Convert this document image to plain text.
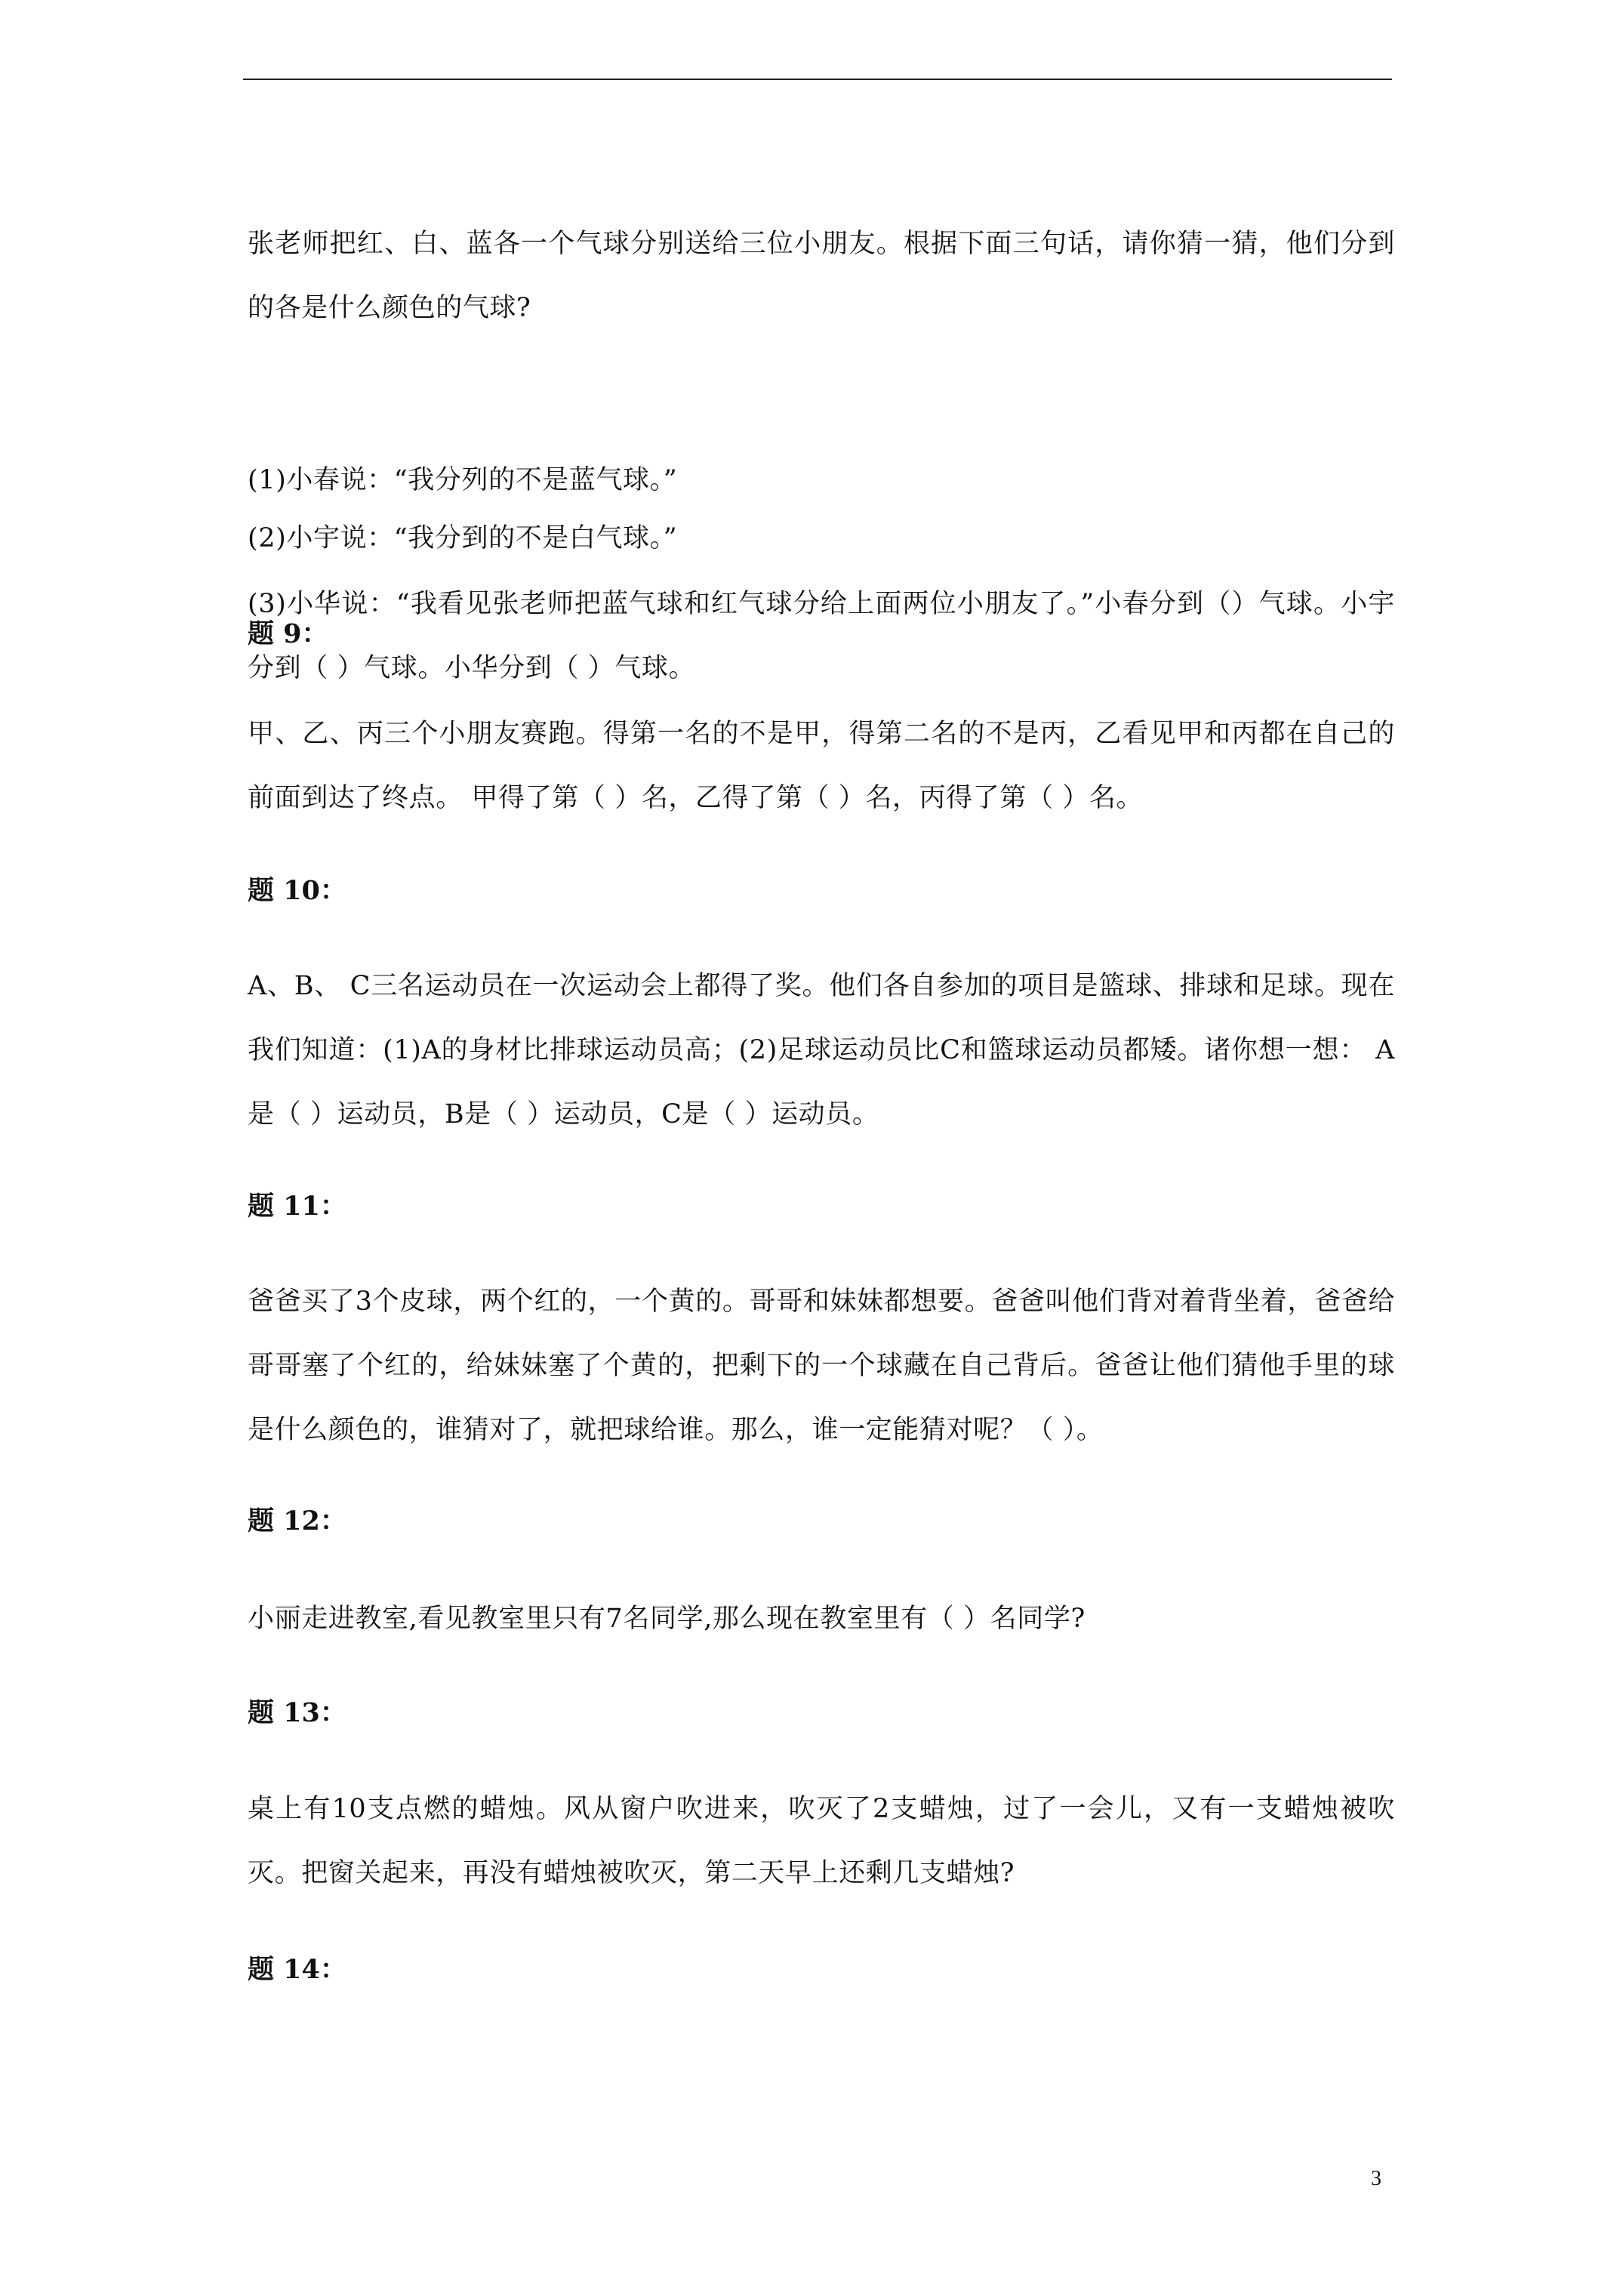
张老师把红、白、蓝各一个气球分别送给三位小朋友。根据下面三句话，请你猜一猜，他们分到的各是什么颜色的气球?
(1)小春说：“我分列的不是蓝气球。”
(2)小宇说：“我分到的不是白气球。”
(3)小华说：“我看见张老师把蓝气球和红气球分给上面两位小朋友了。”小春分到（）气球。小宇分到（ ）气球。小华分到（ ）气球。
题 9：
甲、乙、丙三个小朋友赛跑。得第一名的不是甲，得第二名的不是丙，乙看见甲和丙都在自己的前面到达了终点。 甲得了第（ ）名，乙得了第（ ）名，丙得了第（ ）名。
题 10：
A、B、 C三名运动员在一次运动会上都得了奖。他们各自参加的项目是篮球、排球和足球。现在我们知道：(1)A的身材比排球运动员高；(2)足球运动员比C和篮球运动员都矮。诸你想一想： A是（ ）运动员，B是（ ）运动员，C是（ ）运动员。
题 11：
爸爸买了3个皮球，两个红的，一个黄的。哥哥和妹妹都想要。爸爸叫他们背对着背坐着，爸爸给哥哥塞了个红的，给妹妹塞了个黄的，把剩下的一个球藏在自己背后。爸爸让他们猜他手里的球是什么颜色的，谁猜对了，就把球给谁。那么，谁一定能猜对呢？（ ）。
题 12：
小丽走进教室,看见教室里只有7名同学,那么现在教室里有（ ）名同学?
题 13：
桌上有10支点燃的蜡烛。风从窗户吹进来，吹灭了2支蜡烛，过了一会儿，又有一支蜡烛被吹灭。把窗关起来，再没有蜡烛被吹灭，第二天早上还剩几支蜡烛?
题 14：
3
